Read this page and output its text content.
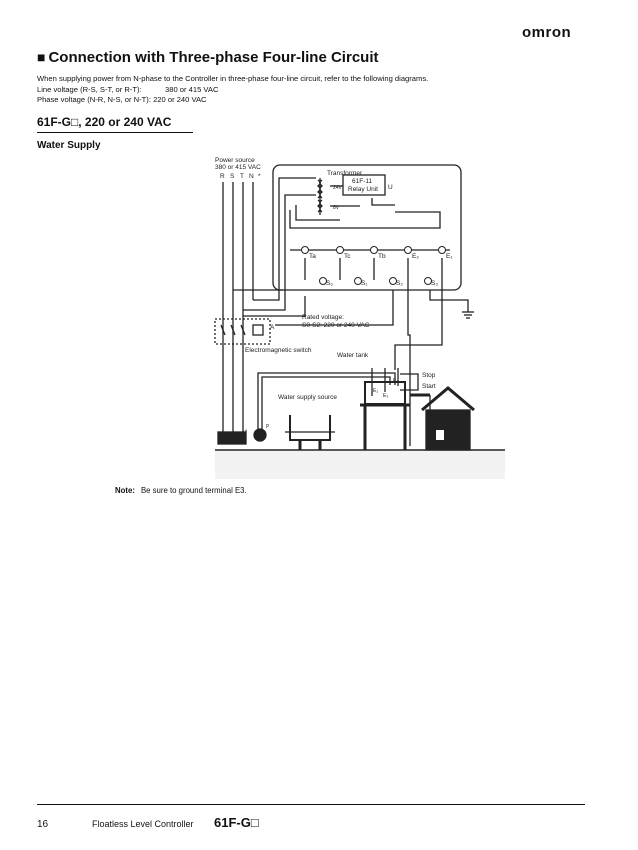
omron
■ Connection with Three-phase Four-line Circuit
When supplying power from N-phase to the Controller in three-phase four-line circuit, refer to the following diagrams.
Line voltage (R-S, S-T, or R-T):	380 or 415 VAC
Phase voltage (N-R, N-S, or N-T): 220 or 240 VAC
61F-G□, 220 or 240 VAC
Water Supply
Power source
380 or 415 VAC
R S T N *	Transformer
61F-11
Relay Unit U
24V
8V
Ta	Tc	Tb	E₂	E₁
S₀	S₁	S₂	S₃
Rated voltage:
S0-S2: 220 or 240 VAC
A
Electromagnetic switch
Water tank
Stop
Start
E₁
E₂
E₃
Water supply source
M
P
Note: Be sure to ground terminal E3.
16	Floatless Level Controller 61F-G□
